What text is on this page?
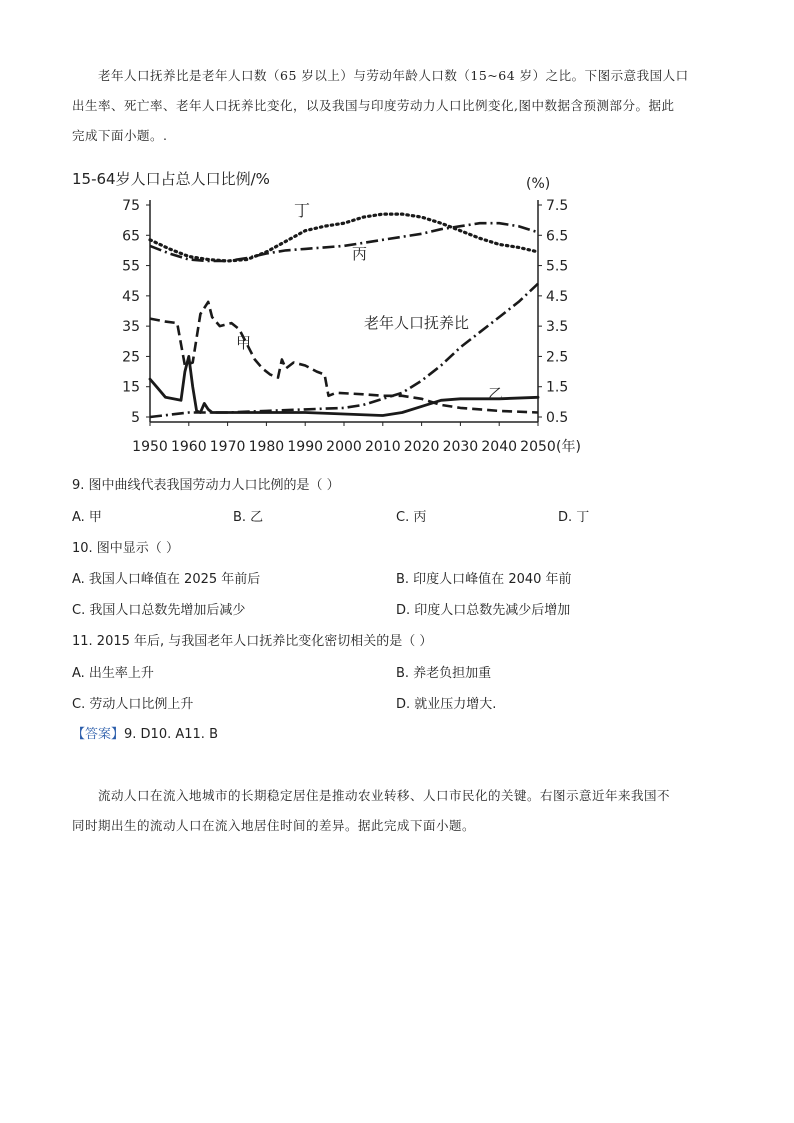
老年人口抚养比是老年人口数（65 岁以上）与劳动年龄人口数（15~64 岁）之比。下图示意我国人口
出生率、死亡率、老年人口抚养比变化，以及我国与印度劳动力人口比例变化,图中数据含预测部分。据此
完成下面小题。.
15-64岁人口占总人口比例/%	(%)
1950 1960 1970 1980 1990 2000 2010 2020 2030 2040 2050
75
65
55
45
35
25
15
5
7.5
6.5
5.5
4.5
3.5
2.5
1.5
0.5
(年)
丁
丙
甲
乙
老年人口抚养比
9. 图中曲线代表我国劳动力人口比例的是（ ）
A. 甲	B. 乙	C. 丙	D. 丁
10. 图中显示（ ）
A. 我国人口峰值在 2025 年前后	B. 印度人口峰值在 2040 年前
C. 我国人口总数先增加后减少	D. 印度人口总数先减少后增加
11. 2015 年后, 与我国老年人口抚养比变化密切相关的是（ ）
A. 出生率上升	B. 养老负担加重
C. 劳动人口比例上升	D. 就业压力增大.
【答案】9. D10. A11. B
流动人口在流入地城市的长期稳定居住是推动农业转移、人口市民化的关键。右图示意近年来我国不
同时期出生的流动人口在流入地居住时间的差异。据此完成下面小题。
